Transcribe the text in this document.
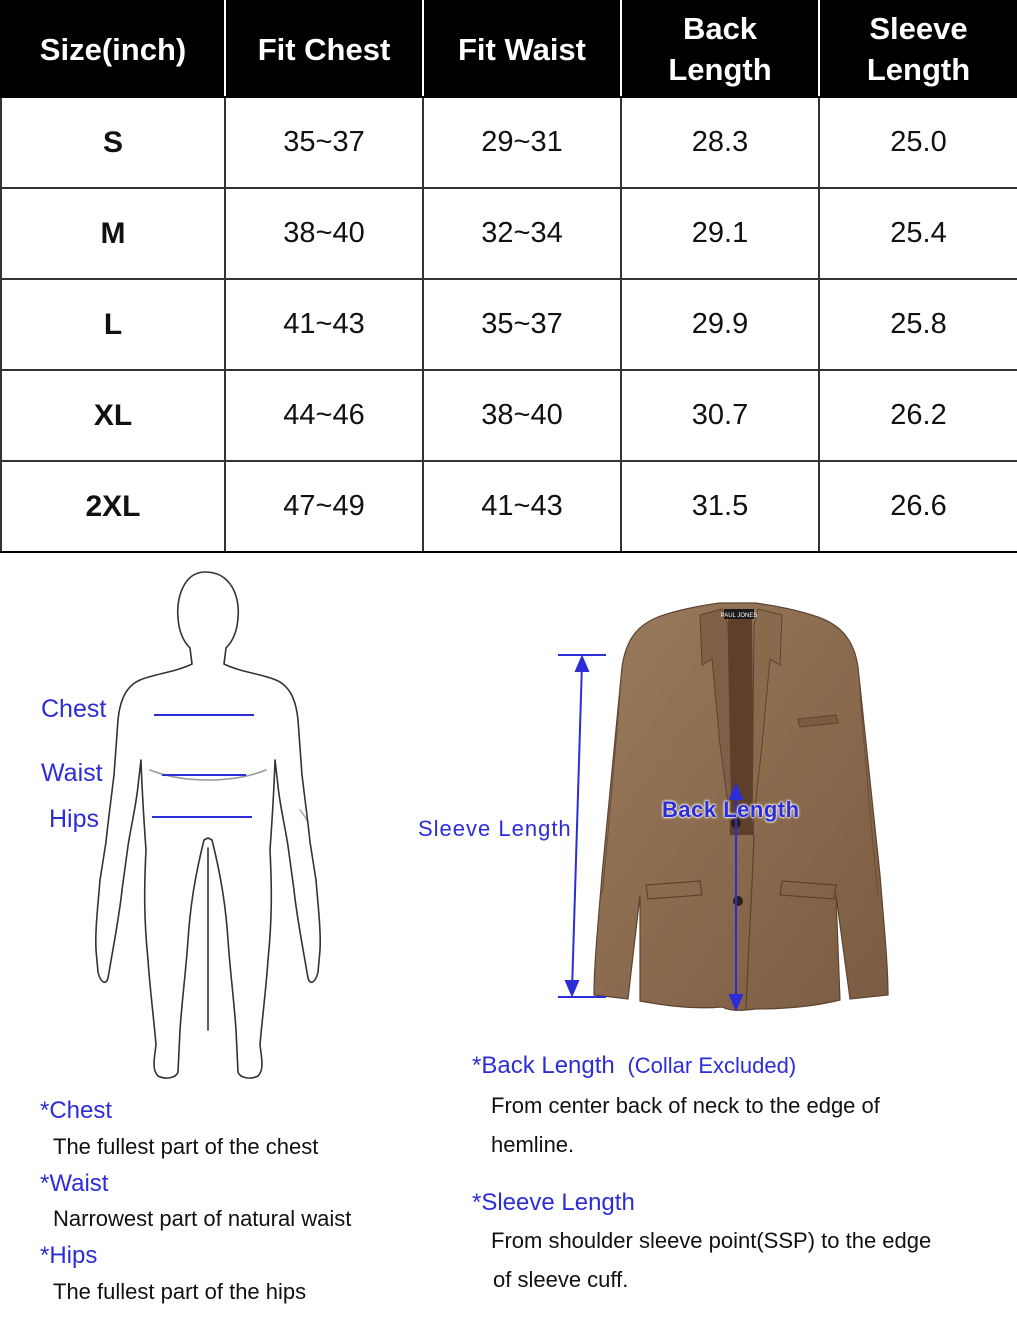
Size(inch)	Fit Chest	Fit Waist	Back Length	Sleeve Length
S	35~37	29~31	28.3	25.0
M	38~40	32~34	29.1	25.4
L	41~43	35~37	29.9	25.8
XL	44~46	38~40	30.7	26.2
2XL	47~49	41~43	31.5	26.6
Chest
Waist
Hips
PAUL JONES
Sleeve Length
Back Length
*Chest
The fullest part of the chest
*Waist
Narrowest part of natural waist
*Hips
The fullest part of the hips
*Back Length (Collar Excluded)
From center back of neck to the edge of
hemline.
*Sleeve Length
From shoulder sleeve point(SSP) to the edge
of sleeve cuff.
